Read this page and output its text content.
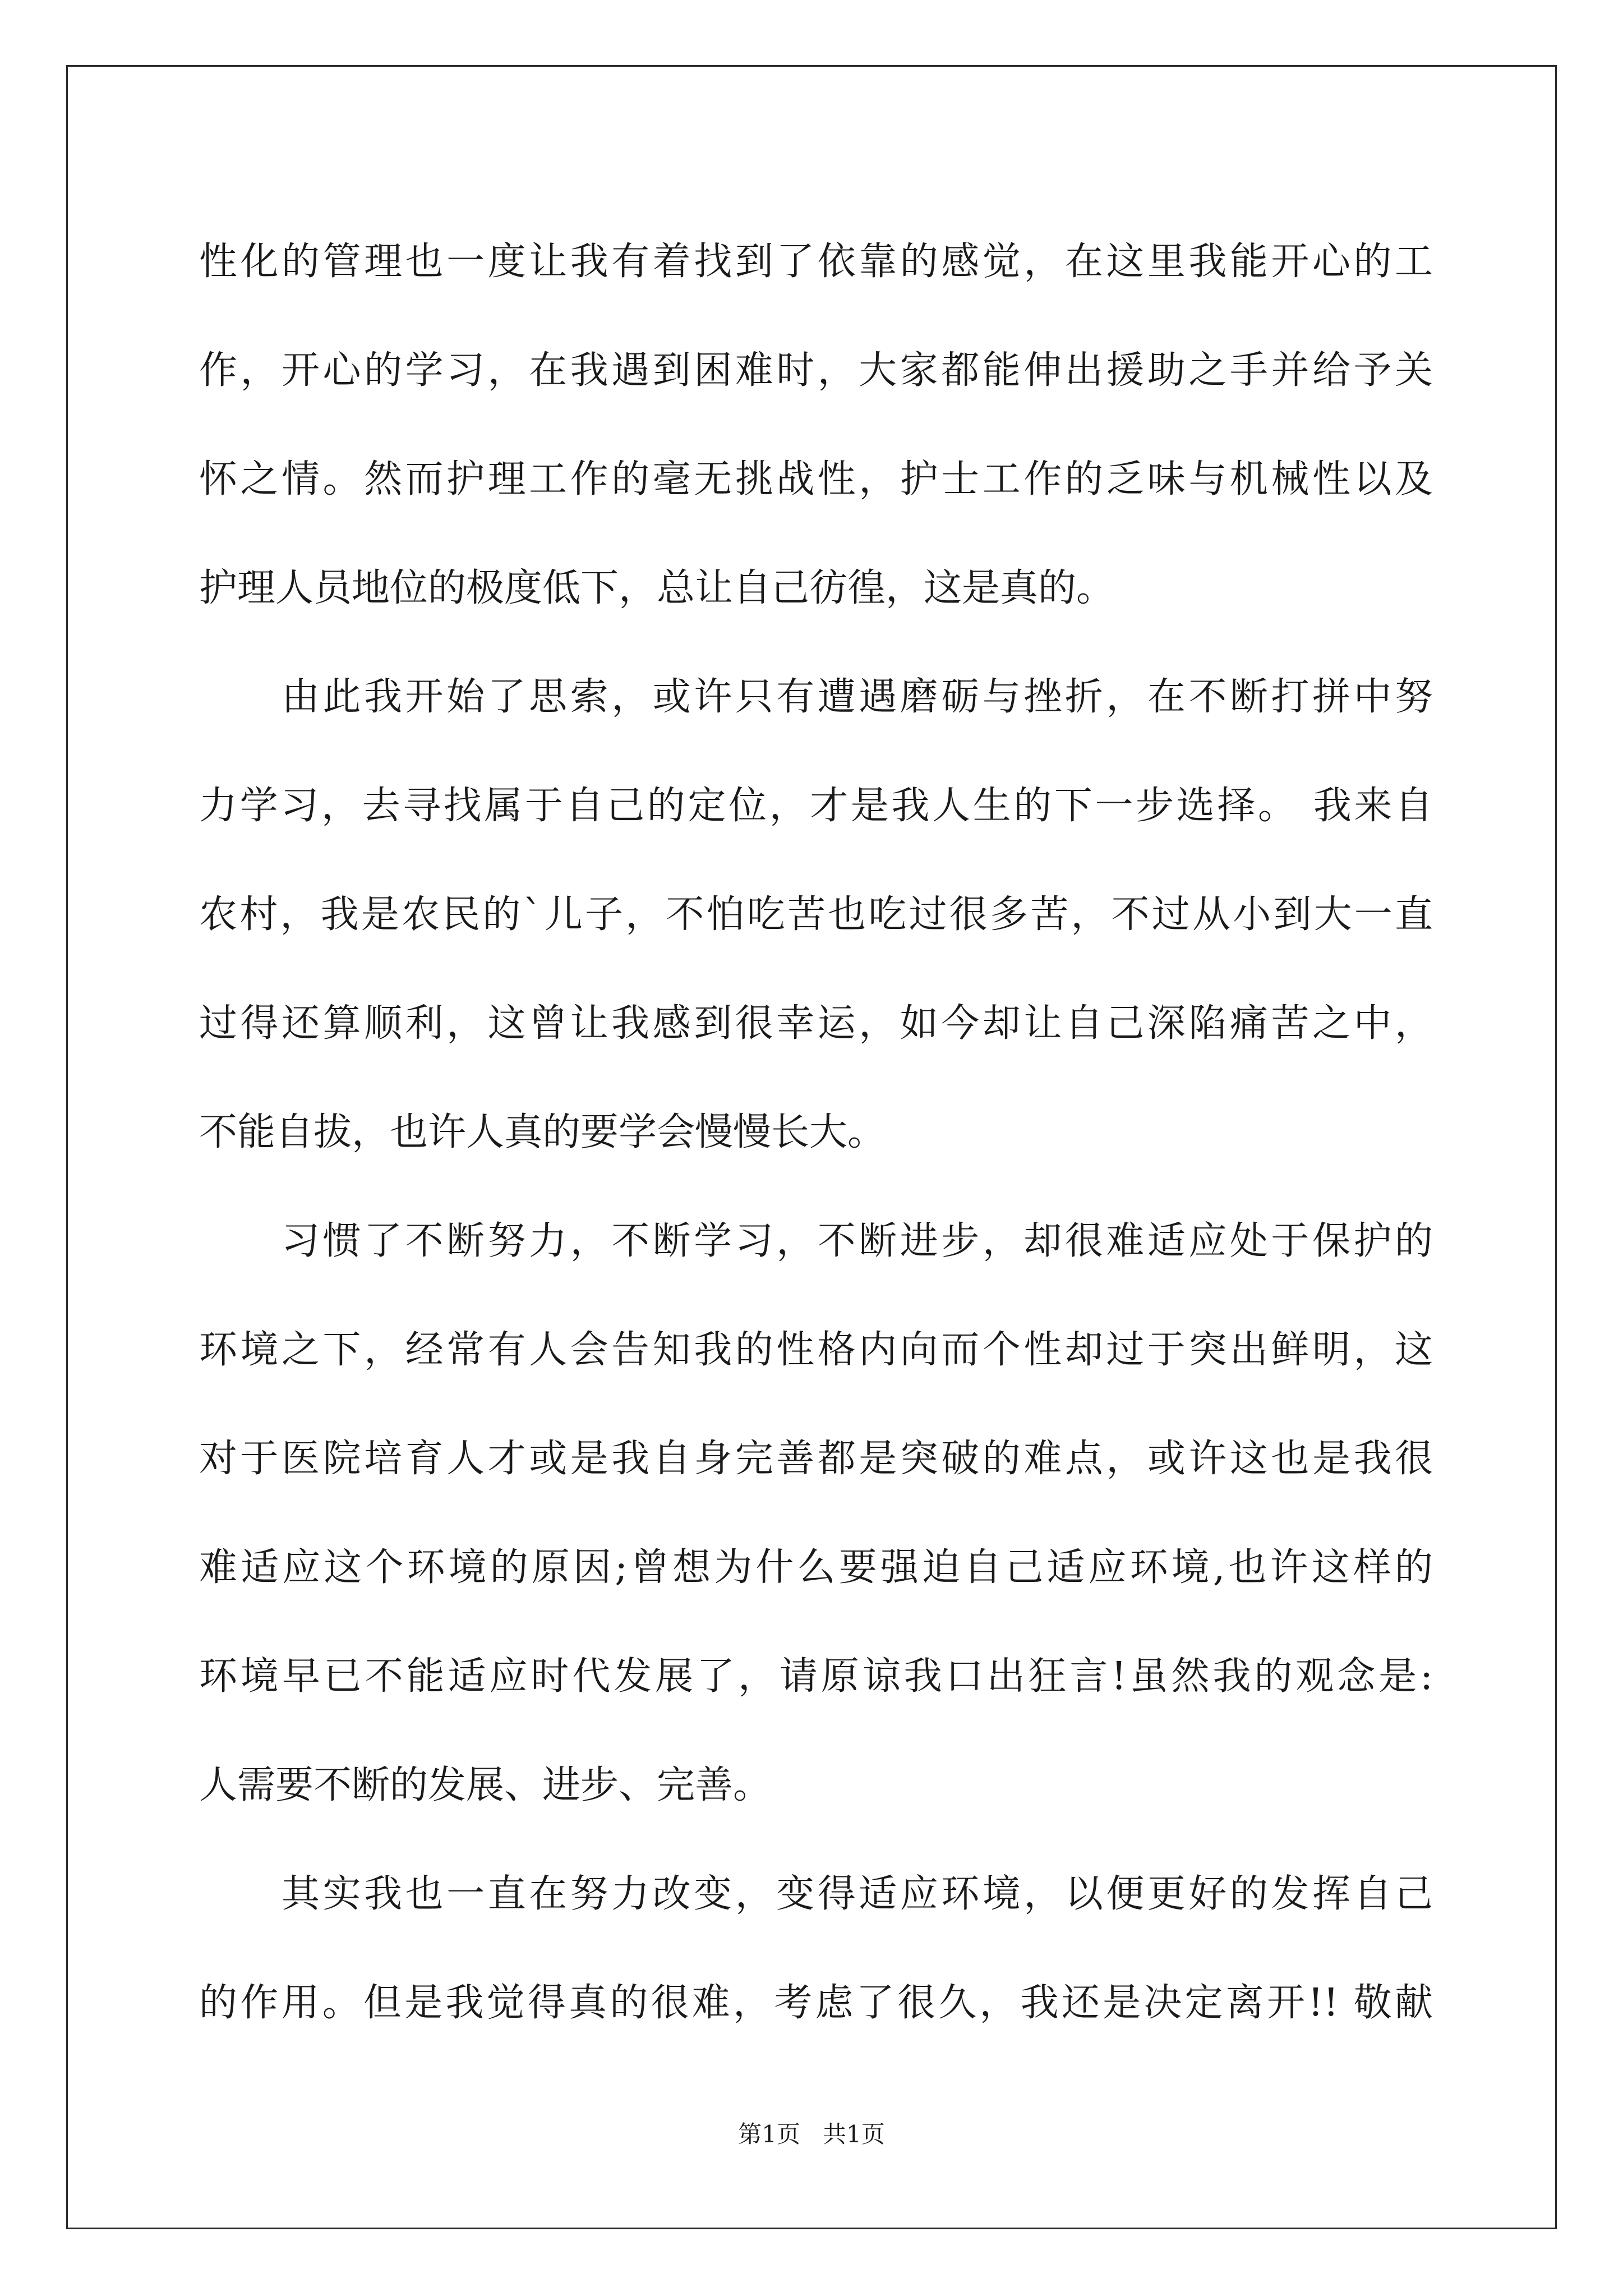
性化的管理也一度让我有着找到了依靠的感觉，在这里我能开心的工
作，开心的学习，在我遇到困难时，大家都能伸出援助之手并给予关
怀之情。然而护理工作的毫无挑战性，护士工作的乏味与机械性以及
护理人员地位的极度低下，总让自己彷徨，这是真的。
由此我开始了思索，或许只有遭遇磨砺与挫折，在不断打拼中努
力学习，去寻找属于自己的定位，才是我人生的下一步选择。 我来自
农村，我是农民的`儿子，不怕吃苦也吃过很多苦，不过从小到大一直
过得还算顺利，这曾让我感到很幸运，如今却让自己深陷痛苦之中，
不能自拔，也许人真的要学会慢慢长大。
习惯了不断努力，不断学习，不断进步，却很难适应处于保护的
环境之下，经常有人会告知我的性格内向而个性却过于突出鲜明，这
对于医院培育人才或是我自身完善都是突破的难点，或许这也是我很
难适应这个环境的原因;曾想为什么要强迫自己适应环境,也许这样的
环境早已不能适应时代发展了，请原谅我口出狂言!虽然我的观念是:
人需要不断的发展、进步、完善。
其实我也一直在努力改变，变得适应环境，以便更好的发挥自己
的作用。但是我觉得真的很难，考虑了很久，我还是决定离开!! 敬献
第1页   共1页
